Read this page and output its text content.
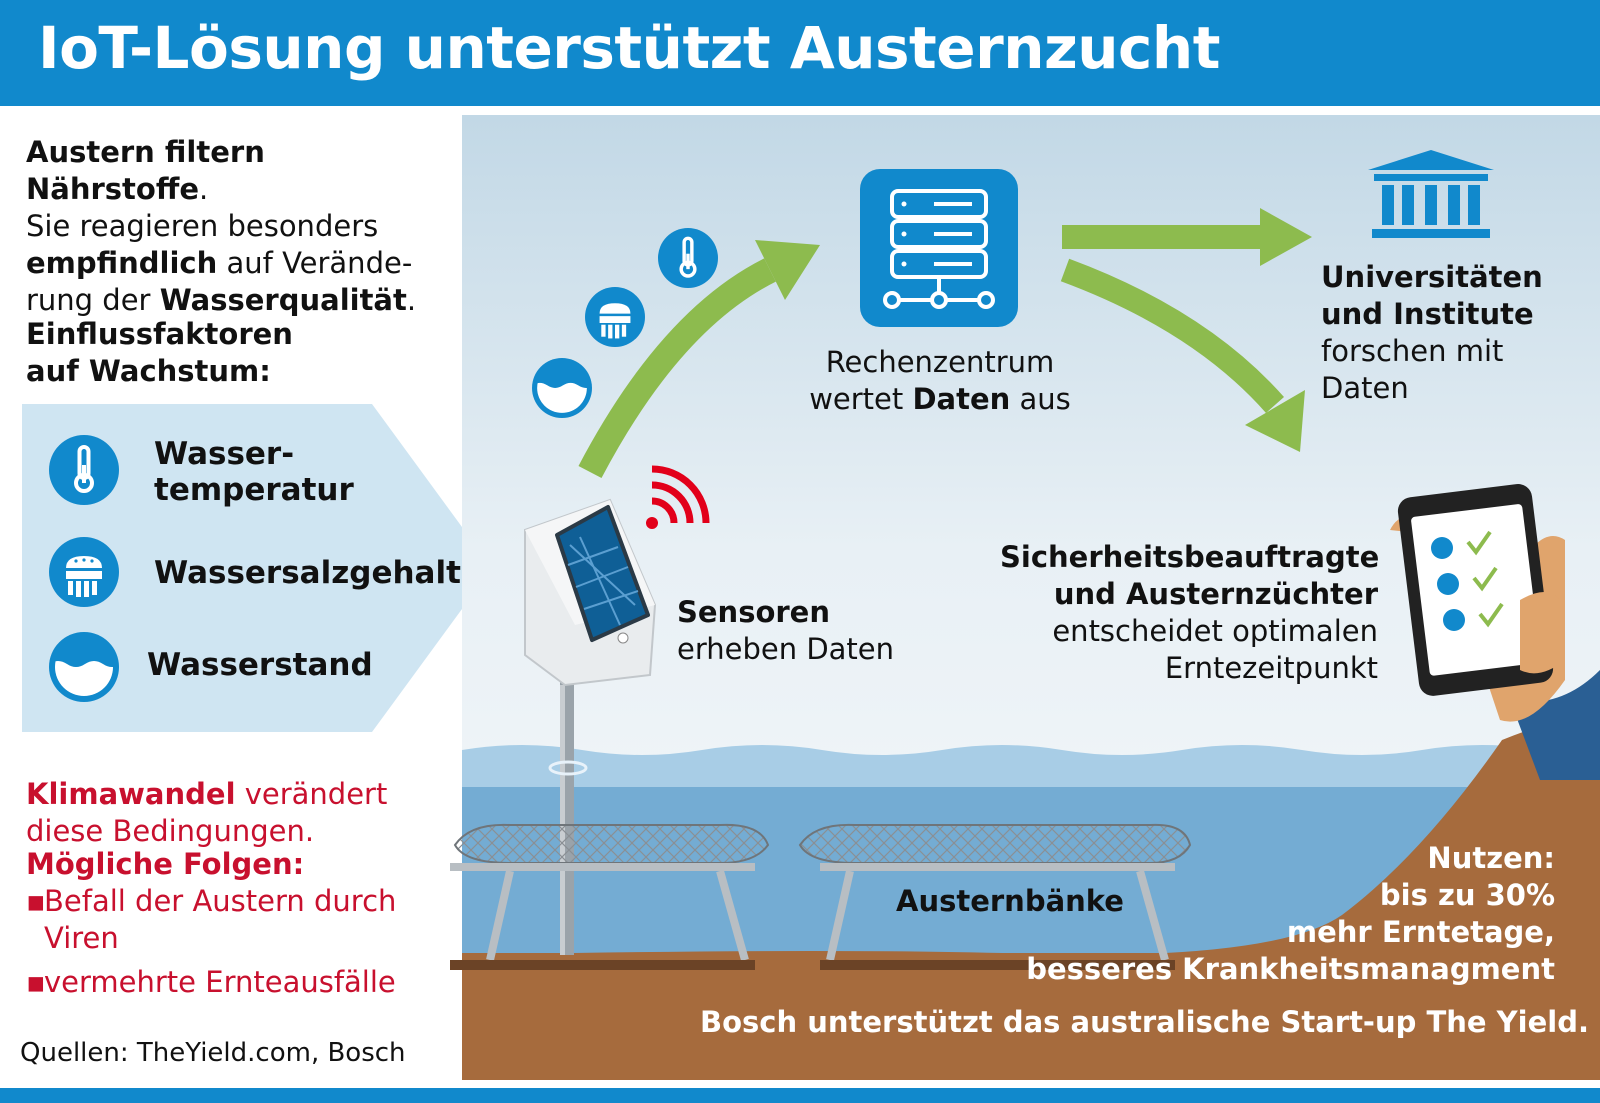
IoT-Lösung unterstützt Austernzucht
Austern filtern Nährstoffe.
Sie reagieren besonders
empfindlich auf Verände-
rung der Wasserqualität.
Einflussfaktoren
auf Wachstum:
Wasser-
temperatur
Wassersalzgehalt
Wasserstand
Klimawandel verändert
diese Bedingungen.
Mögliche Folgen:
▪Befall der Austern durch Viren
▪vermehrte Ernteausfälle
Quellen: TheYield.com, Bosch
Rechenzentrum
wertet Daten aus
Universitäten
und Institute
forschen mit
Daten
Sensoren
erheben Daten
Sicherheitsbeauftragte
und Austernzüchter
entscheidet optimalen
Erntezeitpunkt
Austernbänke
Nutzen:
bis zu 30%
mehr Erntetage,
besseres Krankheitsmanagment
Bosch unterstützt das australische Start-up The Yield.
